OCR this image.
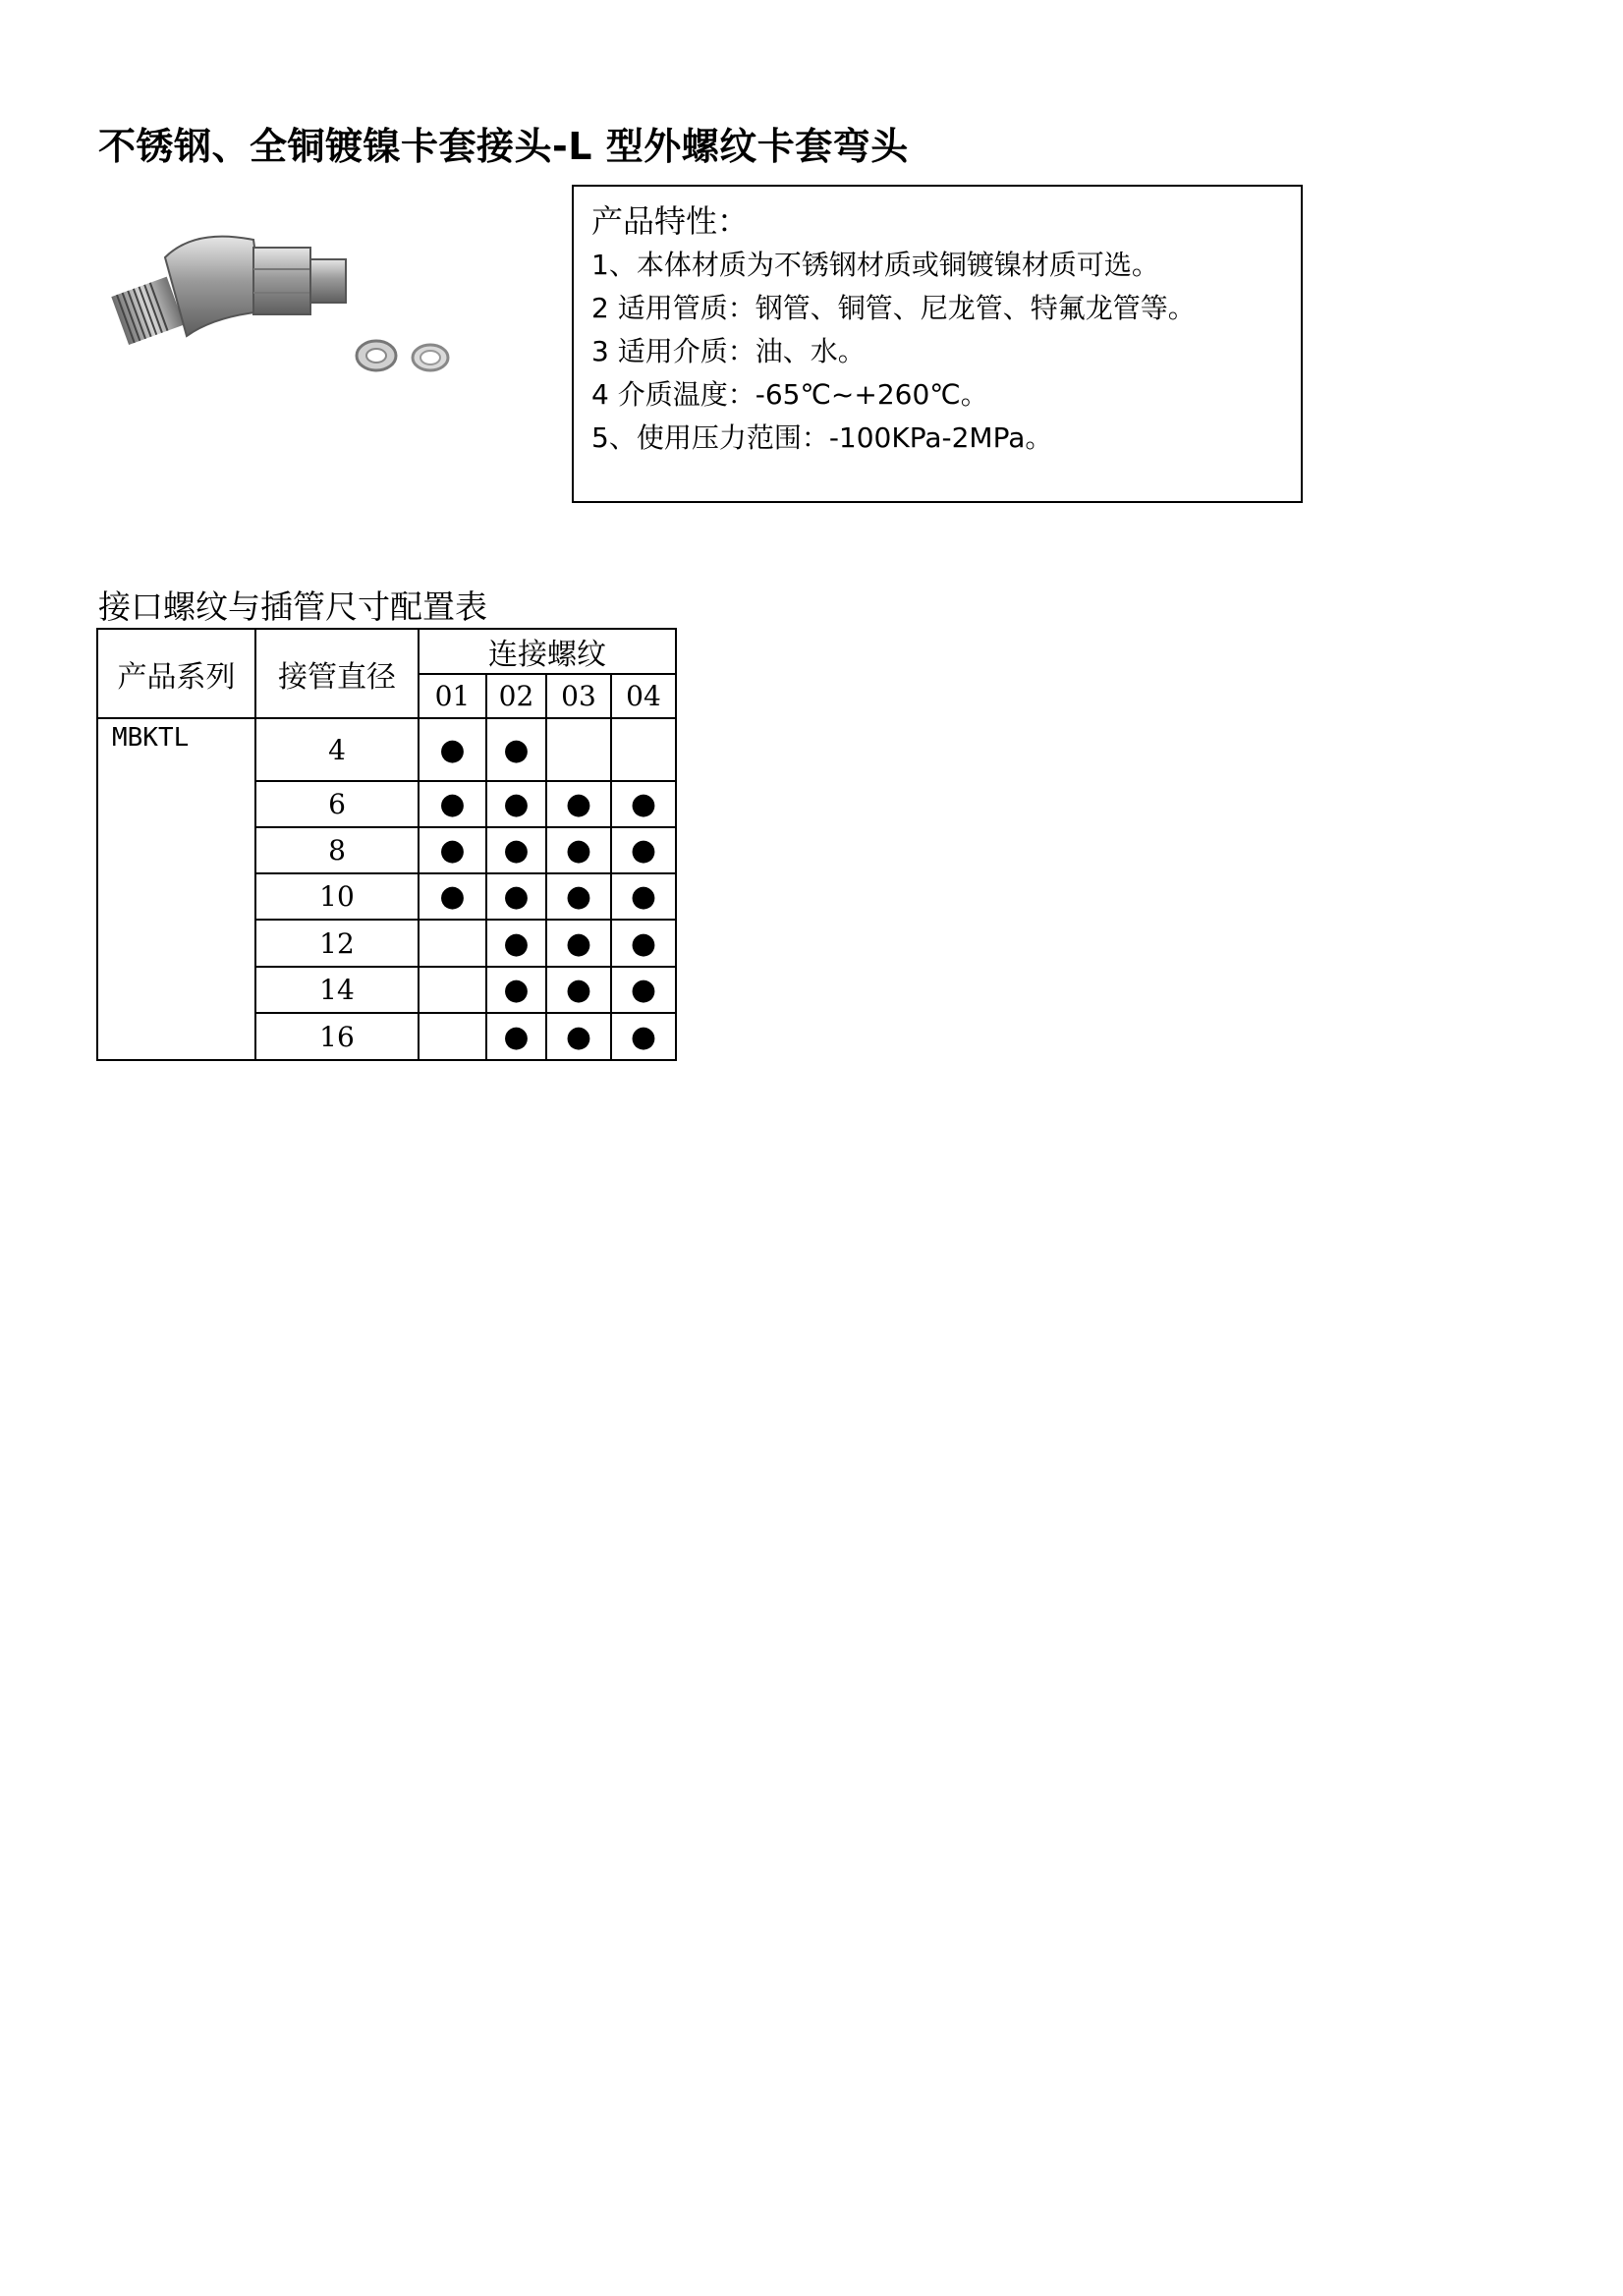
不锈钢、全铜镀镍卡套接头-L 型外螺纹卡套弯头
产品特性：
1、本体材质为不锈钢材质或铜镀镍材质可选。
2 适用管质：钢管、铜管、尼龙管、特氟龙管等。
3 适用介质：油、水。
4 介质温度：-65℃~+260℃。
5、使用压力范围：-100KPa-2MPa。
接口螺纹与插管尺寸配置表
产品系列	接管直径	连接螺纹			
		01	02	03	04
MBKTL	4	●	●		
	6	●	●	●	●
	8	●	●	●	●
	10	●	●	●	●
	12		●	●	●
	14		●	●	●
	16		●	●	●
